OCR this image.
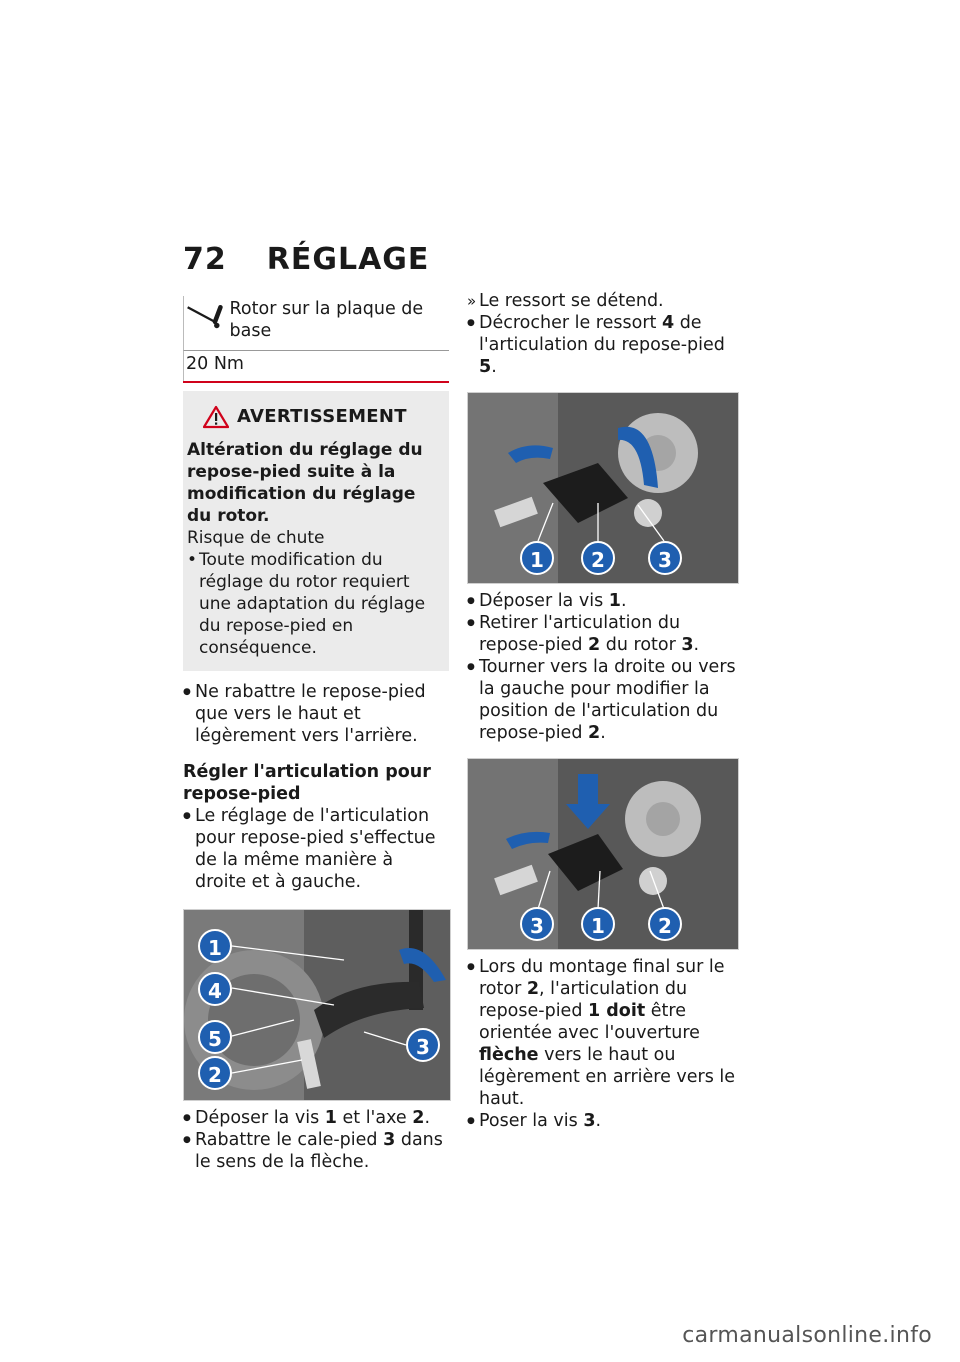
72 RÉGLAGE
Rotor sur la plaque de base
20 Nm
AVERTISSEMENT
Altération du réglage du repose-pied suite à la modification du réglage du rotor.
Risque de chute
• Toute modification du réglage du rotor requiert une adaptation du réglage du repose-pied en conséquence.
● Ne rabattre le repose-pied que vers le haut et légèrement vers l'arrière.
Régler l'articulation pour repose-pied
● Le réglage de l'articulation pour repose-pied s'effectue de la même manière à droite et à gauche.
1
4
5
2
3
● Déposer la vis 1 et l'axe 2.
● Rabattre le cale-pied 3 dans le sens de la flèche.
» Le ressort se détend.
● Décrocher le ressort 4 de l'articulation du repose-pied 5.
1	2	3
● Déposer la vis 1.
● Retirer l'articulation du repose-pied 2 du rotor 3.
● Tourner vers la droite ou vers la gauche pour modifier la position de l'articulation du repose-pied 2.
3	1	2
● Lors du montage final sur le rotor 2, l'articulation du repose-pied 1 doit être orientée avec l'ouverture flèche vers le haut ou légèrement en arrière vers le haut.
● Poser la vis 3.
carmanualsonline.info
